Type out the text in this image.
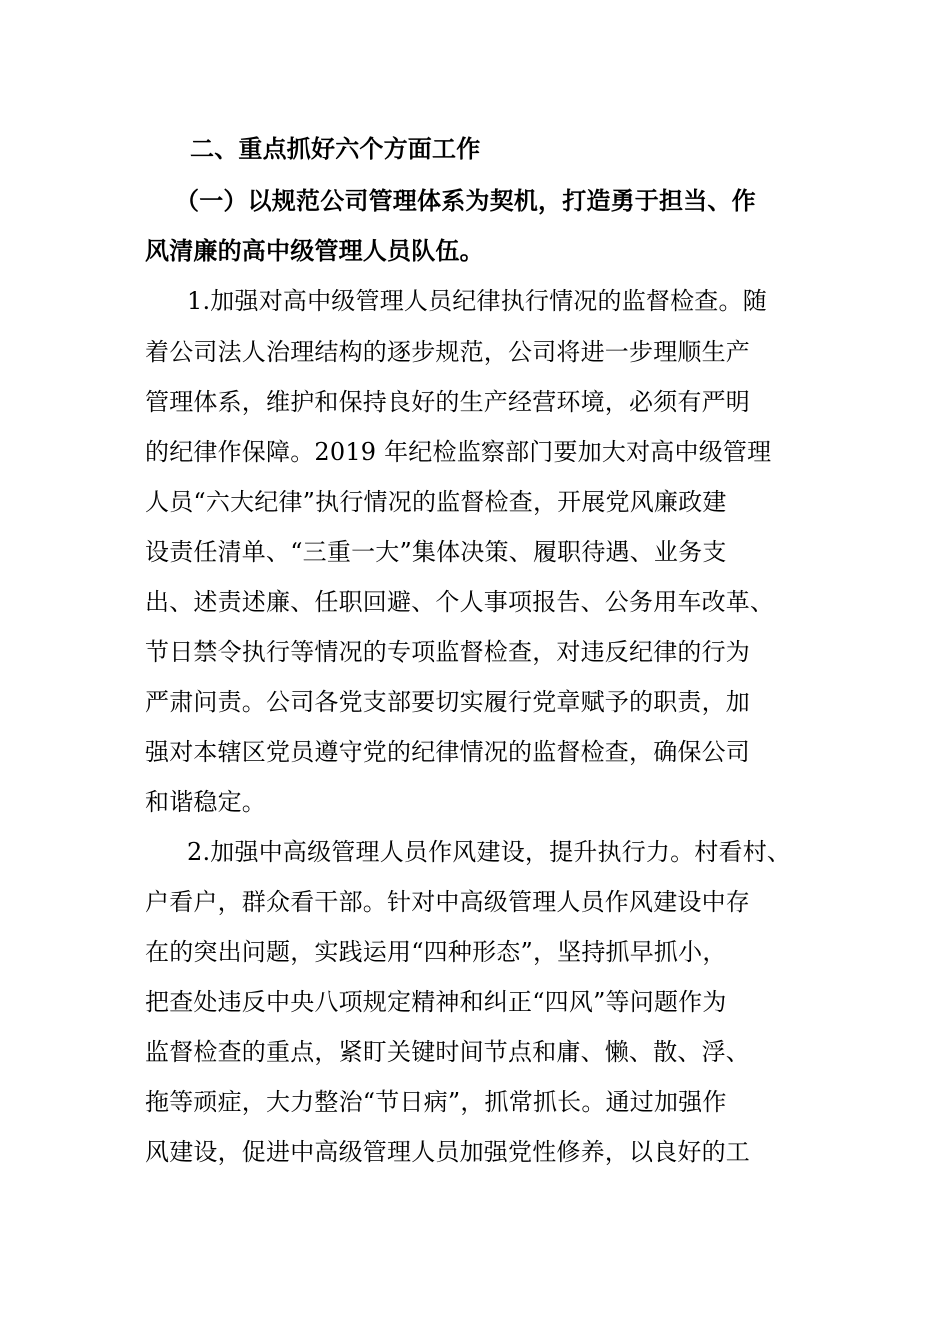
二、重点抓好六个方面工作
（一）以规范公司管理体系为契机，打造勇于担当、作
风清廉的高中级管理人员队伍。
1.加强对高中级管理人员纪律执行情况的监督检查。随
着公司法人治理结构的逐步规范，公司将进一步理顺生产
管理体系，维护和保持良好的生产经营环境，必须有严明
的纪律作保障。2019 年纪检监察部门要加大对高中级管理
人员“六大纪律”执行情况的监督检查，开展党风廉政建
设责任清单、“三重一大”集体决策、履职待遇、业务支
出、述责述廉、任职回避、个人事项报告、公务用车改革、
节日禁令执行等情况的专项监督检查，对违反纪律的行为
严肃问责。公司各党支部要切实履行党章赋予的职责，加
强对本辖区党员遵守党的纪律情况的监督检查，确保公司
和谐稳定。
2.加强中高级管理人员作风建设，提升执行力。村看村、
户看户，群众看干部。针对中高级管理人员作风建设中存
在的突出问题，实践运用“四种形态”，坚持抓早抓小，
把查处违反中央八项规定精神和纠正“四风”等问题作为
监督检查的重点，紧盯关键时间节点和庸、懒、散、浮、
拖等顽症，大力整治“节日病”，抓常抓长。通过加强作
风建设，促进中高级管理人员加强党性修养，以良好的工
